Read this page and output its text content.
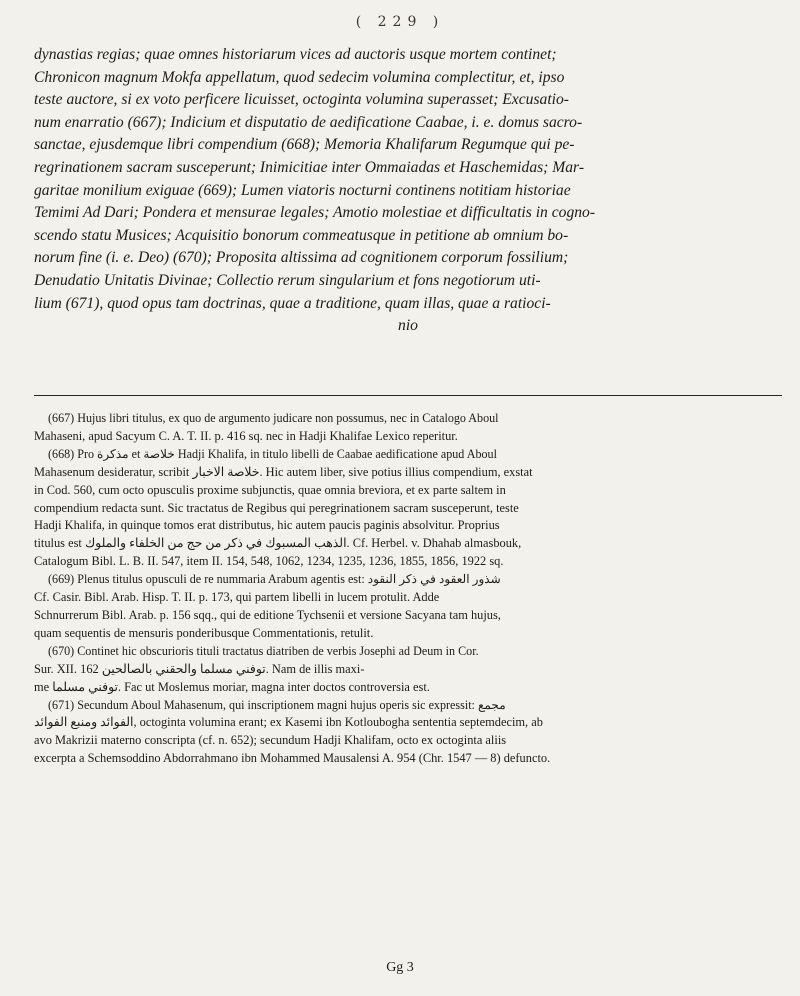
( 229 )
dynastias regias; quae omnes historiarum vices ad auctoris usque mortem continet;
Chronicon magnum Mokfa appellatum, quod sedecim volumina complectitur, et, ipso
teste auctore, si ex voto perficere licuisset, octoginta volumina superasset; Excusatio-
num enarratio (667); Indicium et disputatio de aedificatione Caabae, i. e. domus sacro-
sanctae, ejusdemque libri compendium (668); Memoria Khalifarum Regumque qui pe-
regrinationem sacram susceperunt; Inimicitiae inter Ommaiadas et Haschemidas; Mar-
garitae monilium exiguae (669); Lumen viatoris nocturni continens notitiam historiae
Temimi Ad Dari; Pondera et mensurae legales; Amotio molestiae et difficultatis in cogno-
scendo statu Musices; Acquisitio bonorum commeatusque in petitione ab omnium bo-
norum fine (i. e. Deo) (670); Proposita altissima ad cognitionem corporum fossilium;
Denudatio Unitatis Divinae; Collectio rerum singularium et fons negotiorum uti-
lium (671), quod opus tam doctrinas, quae a traditione, quam illas, quae a ratioci-
nio
(667) Hujus libri titulus, ex quo de argumento judicare non possumus, nec in Catalogo Aboul
Mahaseni, apud Sacyum C. A. T. II. p. 416 sq. nec in Hadji Khalifae Lexico reperitur.
(668) Pro مذكرة et خلاصة Hadji Khalifa, in titulo libelli de Caabae aedificatione apud Aboul
Mahasenum desideratur, scribit خلاصة الاخبار. Hic autem liber, sive potius illius compendium, exstat
in Cod. 560, cum octo opusculis proxime subjunctis, quae omnia breviora, et ex parte saltem in
compendium redacta sunt. Sic tractatus de Regibus qui peregrinationem sacram susceperunt, teste
Hadji Khalifa, in quinque tomos erat distributus, hic autem paucis paginis absolvitur. Proprius
titulus est الذهب المسبوك في ذكر من حج من الخلفاء والملوك. Cf. Herbel. v. Dhahab almasbouk,
Catalogum Bibl. L. B. II. 547, item II. 154, 548, 1062, 1234, 1235, 1236, 1855, 1856, 1922 sq.
(669) Plenus titulus opusculi de re nummaria Arabum agentis est: شذور العقود في ذكر النقود
Cf. Casir. Bibl. Arab. Hisp. T. II. p. 173, qui partem libelli in lucem protulit. Adde
Schnurrerum Bibl. Arab. p. 156 sqq., qui de editione Tychsenii et versione Sacyana tam hujus,
quam sequentis de mensuris ponderibusque Commentationis, retulit.
(670) Continet hic obscurioris tituli tractatus diatriben de verbis Josephi ad Deum in Cor.
Sur. XII. 162 توفني مسلما والحقني بالصالحين. Nam de illis maxi-
me توفني مسلما. Fac ut Moslemus moriar, magna inter doctos controversia est.
(671) Secundum Aboul Mahasenum, qui inscriptionem magni hujus operis sic expressit: مجمع
الفوائد ومنبع الفوائد, octoginta volumina erant; ex Kasemi ibn Kotloubogha sententia septemdecim, ab
avo Makrizii materno conscripta (cf. n. 652); secundum Hadji Khalifam, octo ex octoginta aliis
excerpta a Schemsoddino Abdorrahmano ibn Mohammed Mausalensi A. 954 (Chr. 1547 — 8) defuncto.
Gg 3
